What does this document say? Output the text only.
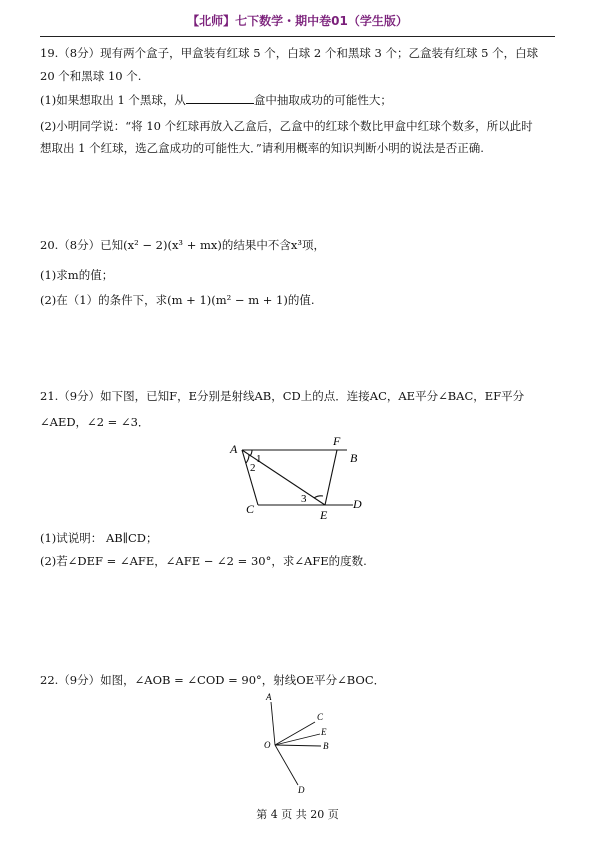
【北师】七下数学・期中卷01（学生版）
19.（8分）现有两个盒子，甲盒装有红球 5 个，白球 2 个和黑球 3 个；乙盒装有红球 5 个，白球
20 个和黑球 10 个.
(1)如果想取出 1 个黑球，从	盒中抽取成功的可能性大；
(2)小明同学说：“将 10 个红球再放入乙盒后，乙盒中的红球个数比甲盒中红球个数多，所以此时
想取出 1 个红球，选乙盒成功的可能性大．”请利用概率的知识判断小明的说法是否正确.
20.（8分）已知(x² − 2)(x³ + mx)的结果中不含x³项，
(1)求m的值；
(2)在（1）的条件下，求(m + 1)(m² − m + 1)的值.
21.（9分）如下图，已知F，E分别是射线AB，CD上的点．连接AC，AE平分∠BAC，EF平分
∠AED，∠2 = ∠3．
A
F
B
C	E
D
1
2
3
(1)试说明： AB∥CD；
(2)若∠DEF = ∠AFE，∠AFE − ∠2 = 30°，求∠AFE的度数.
22.（9分）如图，∠AOB = ∠COD = 90°，射线OE平分∠BOC．
A
C
E
B
O
D
第 4 页 共 20 页
